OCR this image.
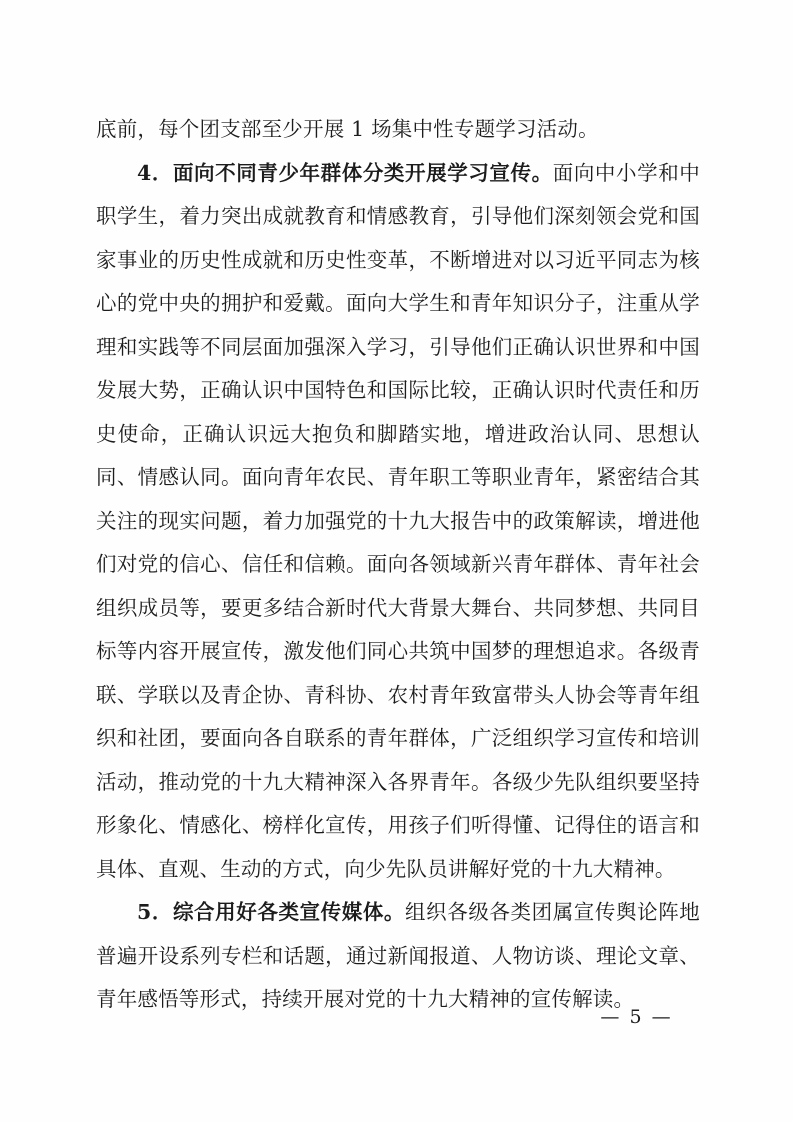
底前，每个团支部至少开展 1 场集中性专题学习活动。

4．面向不同青少年群体分类开展学习宣传。面向中小学和中职学生，着力突出成就教育和情感教育，引导他们深刻领会党和国家事业的历史性成就和历史性变革，不断增进对以习近平同志为核心的党中央的拥护和爱戴。面向大学生和青年知识分子，注重从学理和实践等不同层面加强深入学习，引导他们正确认识世界和中国发展大势，正确认识中国特色和国际比较，正确认识时代责任和历史使命，正确认识远大抱负和脚踏实地，增进政治认同、思想认同、情感认同。面向青年农民、青年职工等职业青年，紧密结合其关注的现实问题，着力加强党的十九大报告中的政策解读，增进他们对党的信心、信任和信赖。面向各领域新兴青年群体、青年社会组织成员等，要更多结合新时代大背景大舞台、共同梦想、共同目标等内容开展宣传，激发他们同心共筑中国梦的理想追求。各级青联、学联以及青企协、青科协、农村青年致富带头人协会等青年组织和社团，要面向各自联系的青年群体，广泛组织学习宣传和培训活动，推动党的十九大精神深入各界青年。各级少先队组织要坚持形象化、情感化、榜样化宣传，用孩子们听得懂、记得住的语言和具体、直观、生动的方式，向少先队员讲解好党的十九大精神。

5．综合用好各类宣传媒体。组织各级各类团属宣传舆论阵地普遍开设系列专栏和话题，通过新闻报道、人物访谈、理论文章、青年感悟等形式，持续开展对党的十九大精神的宣传解读。

— 5 —
